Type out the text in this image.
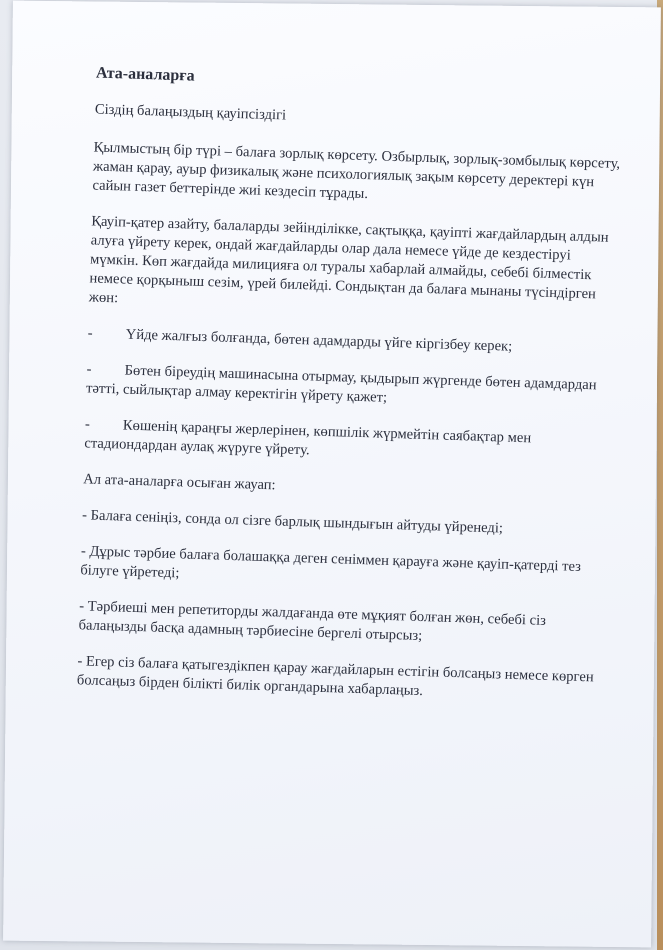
Ата-аналарға
Сіздің балаңыздың қауіпсіздігі

Қылмыстың бір түрі – балаға зорлық көрсету. Озбырлық, зорлық-зомбылық көрсету, жаман қарау, ауыр физикалық және психологиялық зақым көрсету деректері күн сайын газет беттерінде жиі кездесіп тұрады.

Қауіп-қатер азайту, балаларды зейінділікке, сақтыққа, қауіпті жағдайлардың алдын алуға үйрету керек, ондай жағдайларды олар дала немесе үйде де кездестіруі мүмкін. Көп жағдайда милицияға ол туралы хабарлай алмайды, себебі білместік немесе қорқыныш сезім, үрей билейді. Сондықтан да балаға мынаны түсіндірген жөн:

- Үйде жалғыз болғанда, бөтен адамдарды үйге кіргізбеу керек;

- Бөтен біреудің машинасына отырмау, қыдырып жүргенде бөтен адамдардан тәтті, сыйлықтар алмау керектігін үйрету қажет;

- Көшенің қараңғы жерлерінен, көпшілік жүрмейтін саябақтар мен стадиондардан аулақ жүруге үйрету.

Ал ата-аналарға осыған жауап:

- Балаға сеніңіз, сонда ол сізге барлық шындығын айтуды үйренеді;

- Дұрыс тәрбие балаға болашаққа деген сеніммен қарауға және қауіп-қатерді тез білуге үйретеді;

- Тәрбиеші мен репетиторды жалдағанда өте мұқият болған жөн, себебі сіз балаңызды басқа адамның тәрбиесіне бергелі отырсыз;

- Егер сіз балаға қатыгездікпен қарау жағдайларын естігін болсаңыз немесе көрген болсаңыз бірден білікті билік органдарына хабарлаңыз.
